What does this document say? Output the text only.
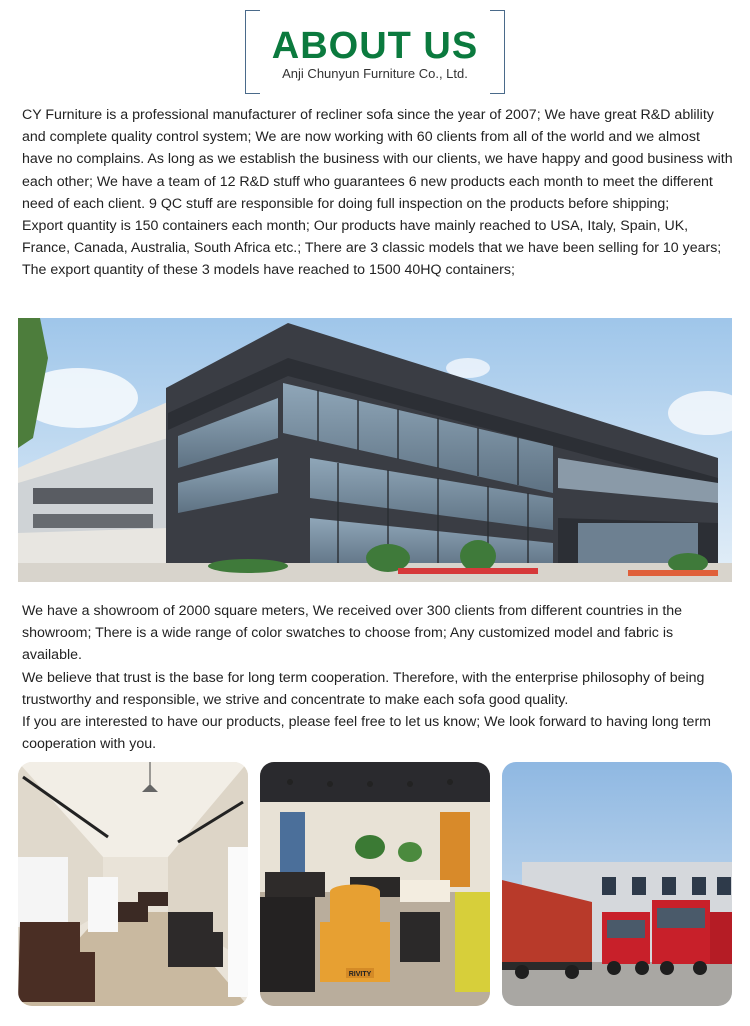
ABOUT US
Anji Chunyun Furniture Co., Ltd.

CY Furniture is a professional manufacturer of recliner sofa since the year of 2007; We have great R&D ablility and complete quality control system; We are now working with 60 clients from all of the world and we almost have no complains. As long as we establish the business with our clients, we have happy and good business with each other; We have a team of 12 R&D stuff who guarantees 6 new products each month to meet the different need of each client. 9 QC stuff are responsible for doing full inspection on the products before shipping;

Export quantity is 150 containers each month; Our products have mainly reached to USA, Italy, Spain, UK, France, Canada, Australia, South Africa etc.; There are 3 classic models that we have been selling for 10 years; The export quantity of these 3 models have reached to 1500 40HQ containers;

We have a showroom of 2000 square meters, We received over 300 clients from different countries in the showroom; There is a wide range of color swatches to choose from; Any customized model and fabric is available.

We believe that trust is the base for long term cooperation. Therefore, with the enterprise philosophy of being trustworthy and responsible, we strive and concentrate to make each sofa good quality.

If you are interested to have our products, please feel free to let us know; We look forward to having long term cooperation with you.

RIVITY
